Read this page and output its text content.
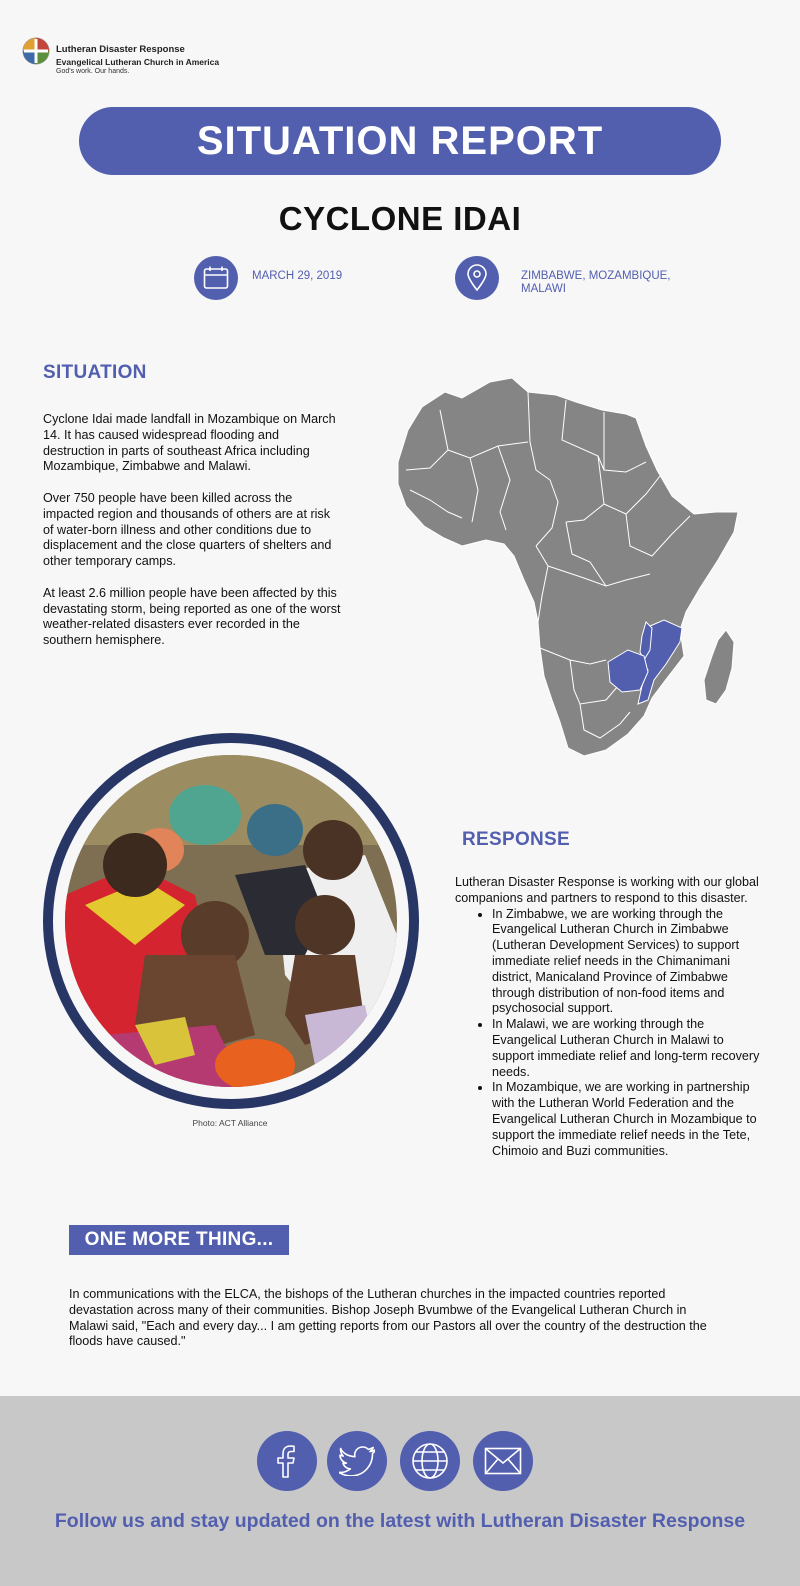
Lutheran Disaster Response
Evangelical Lutheran Church in America
God's work. Our hands.
SITUATION REPORT
CYCLONE IDAI
MARCH 29, 2019	ZIMBABWE, MOZAMBIQUE,
MALAWI
SITUATION

Cyclone Idai made landfall in Mozambique on March 14. It has caused widespread flooding and destruction in parts of southeast Africa including Mozambique, Zimbabwe and Malawi.

Over 750 people have been killed across the impacted region and thousands of others are at risk of water-born illness and other conditions due to displacement and the close quarters of shelters and other temporary camps.

At least 2.6 million people have been affected by this devastating storm, being reported as one of the worst weather-related disasters ever recorded in the southern hemisphere.

Photo: ACT Alliance
RESPONSE
Lutheran Disaster Response is working with our global companions and partners to respond to this disaster.
• In Zimbabwe, we are working through the Evangelical Lutheran Church in Zimbabwe (Lutheran Development Services) to support immediate relief needs in the Chimanimani district, Manicaland Province of Zimbabwe through distribution of non-food items and psychosocial support.
• In Malawi, we are working through the Evangelical Lutheran Church in Malawi to support immediate relief and long-term recovery needs.
• In Mozambique, we are working in partnership with the Lutheran World Federation and the Evangelical Lutheran Church in Mozambique to support the immediate relief needs in the Tete, Chimoio and Buzi communities.
ONE MORE THING...
In communications with the ELCA, the bishops of the Lutheran churches in the impacted countries reported devastation across many of their communities. Bishop Joseph Bvumbwe of the Evangelical Lutheran Church in Malawi said, "Each and every day... I am getting reports from our Pastors all over the country of the destruction the floods have caused."
Follow us and stay updated on the latest with Lutheran Disaster Response
